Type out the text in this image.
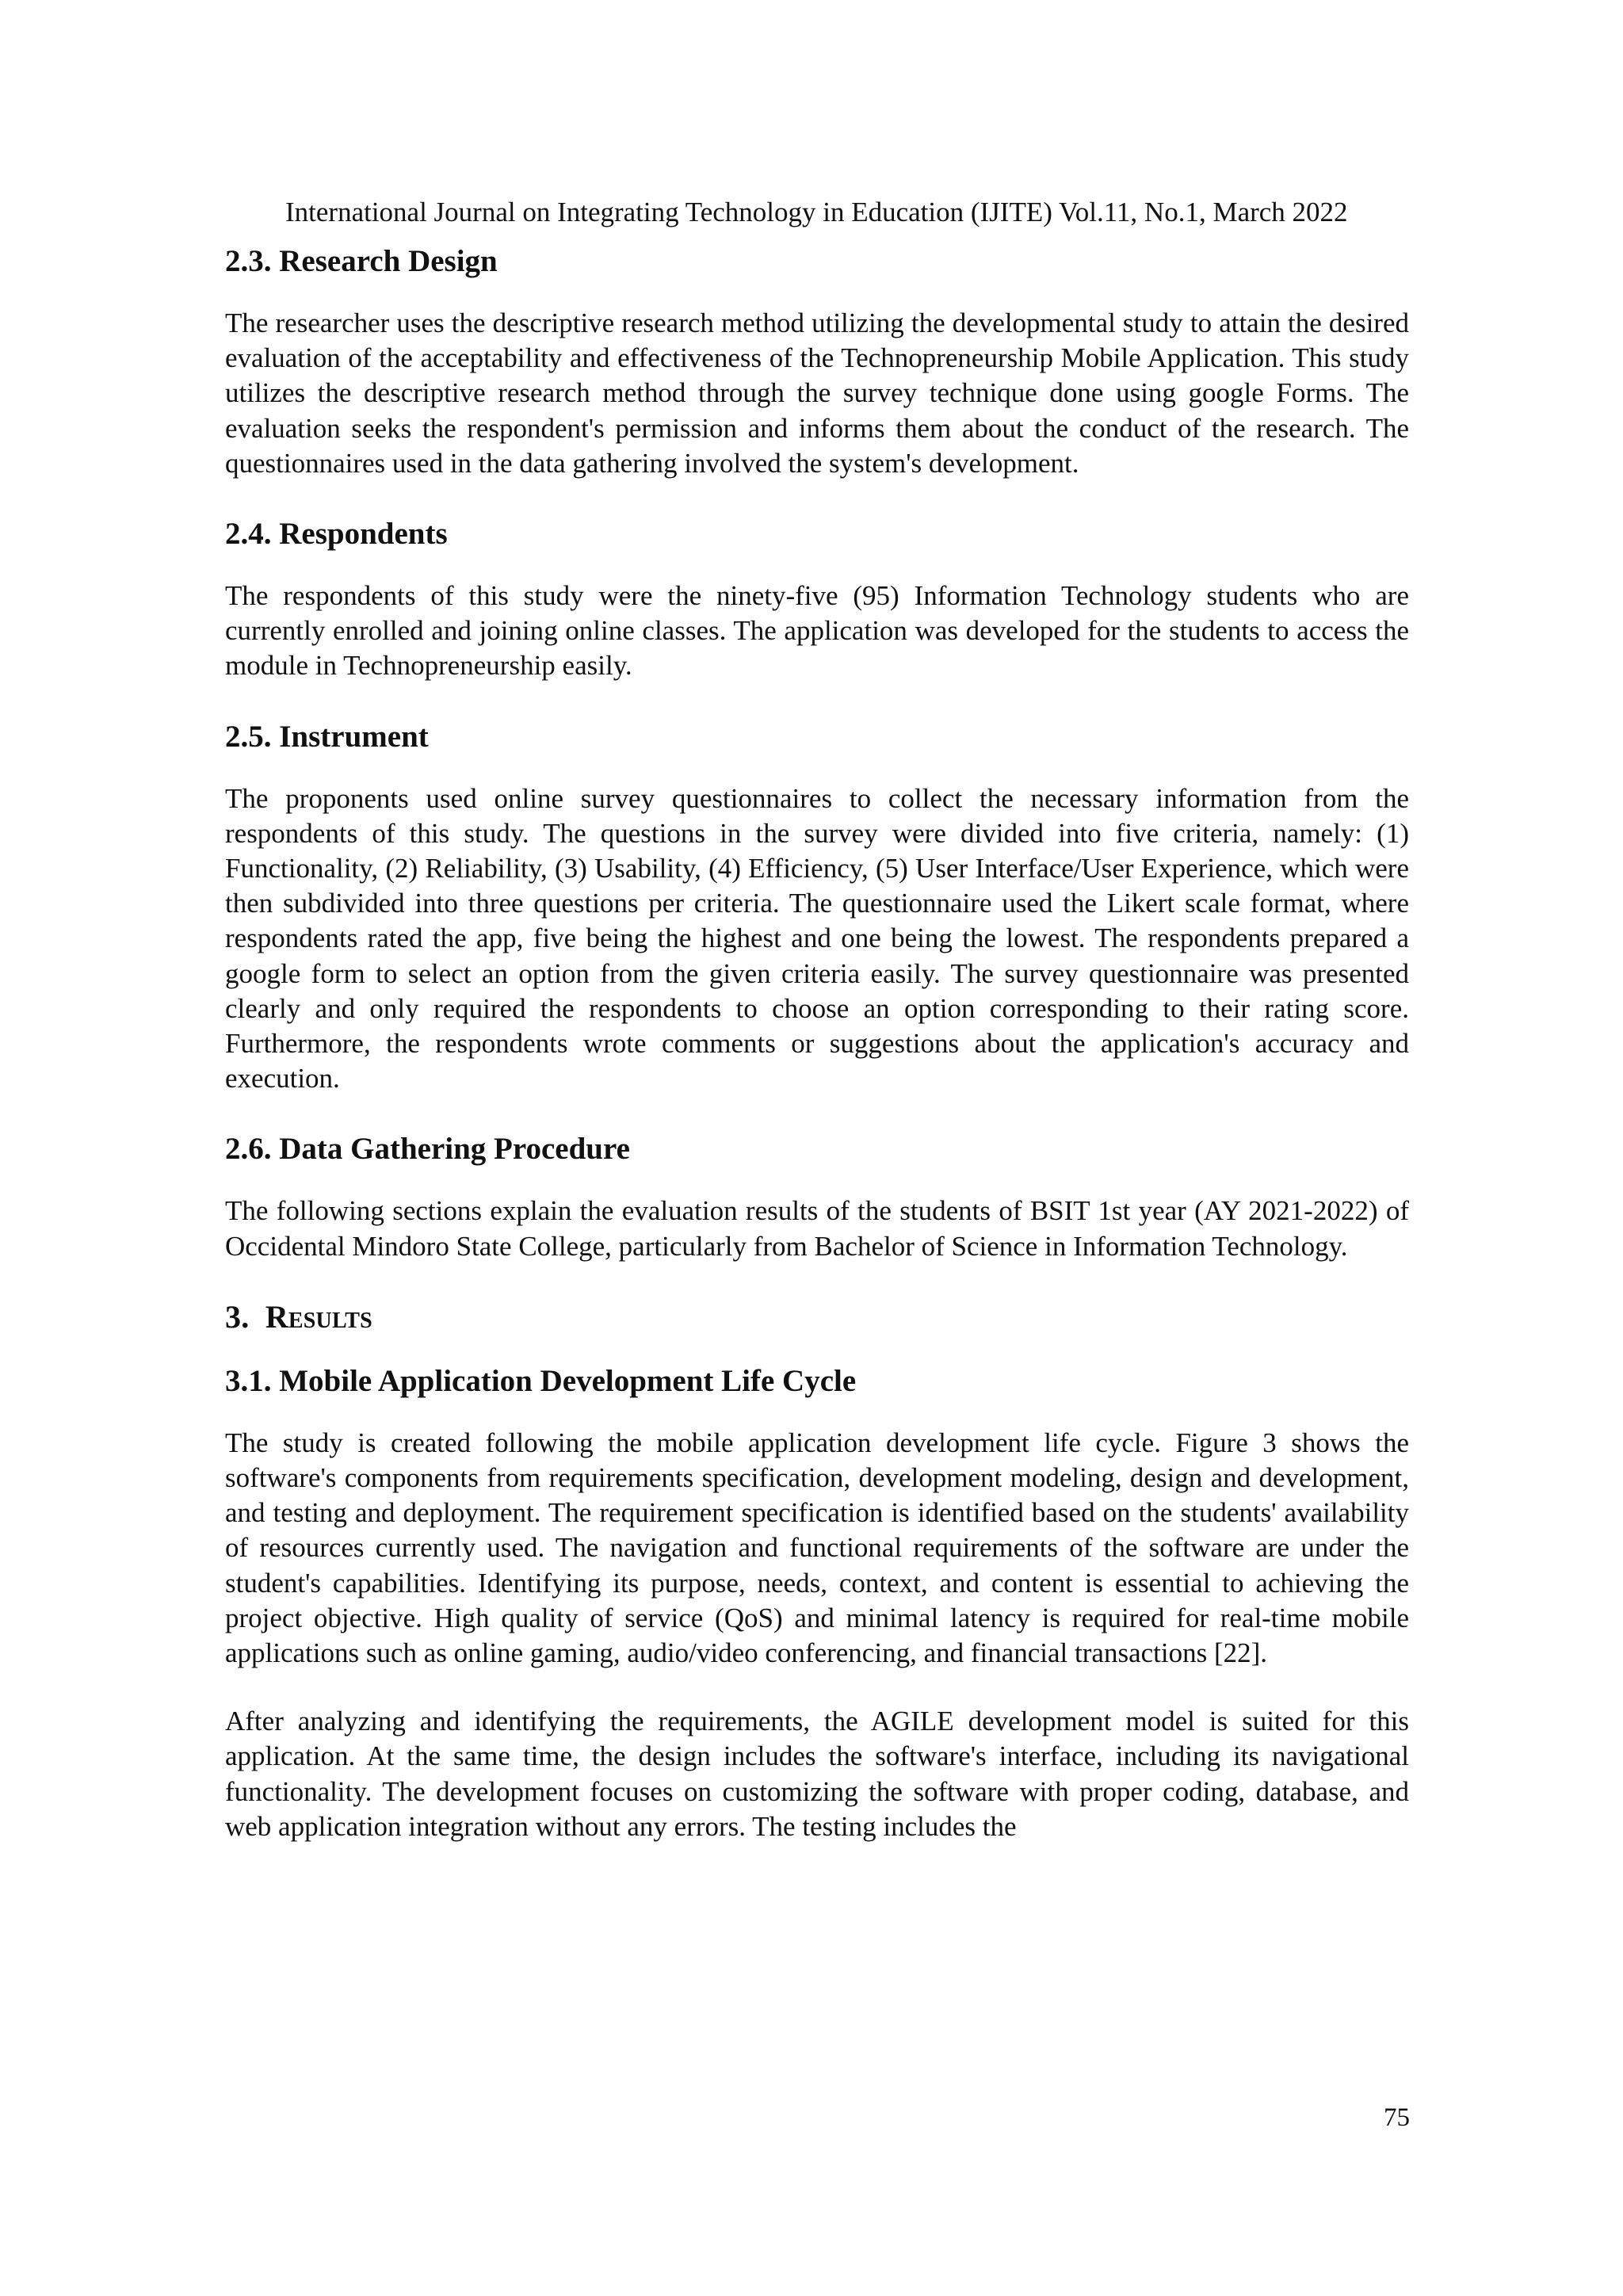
International Journal on Integrating Technology in Education (IJITE) Vol.11, No.1, March 2022
2.3. Research Design

The researcher uses the descriptive research method utilizing the developmental study to attain the desired evaluation of the acceptability and effectiveness of the Technopreneurship Mobile Application. This study utilizes the descriptive research method through the survey technique done using google Forms. The evaluation seeks the respondent's permission and informs them about the conduct of the research. The questionnaires used in the data gathering involved the system's development.

2.4. Respondents

The respondents of this study were the ninety-five (95) Information Technology students who are currently enrolled and joining online classes. The application was developed for the students to access the module in Technopreneurship easily.

2.5. Instrument

The proponents used online survey questionnaires to collect the necessary information from the respondents of this study. The questions in the survey were divided into five criteria, namely: (1) Functionality, (2) Reliability, (3) Usability, (4) Efficiency, (5) User Interface/User Experience, which were then subdivided into three questions per criteria. The questionnaire used the Likert scale format, where respondents rated the app, five being the highest and one being the lowest. The respondents prepared a google form to select an option from the given criteria easily. The survey questionnaire was presented clearly and only required the respondents to choose an option corresponding to their rating score. Furthermore, the respondents wrote comments or suggestions about the application's accuracy and execution.

2.6. Data Gathering Procedure

The following sections explain the evaluation results of the students of BSIT 1st year (AY 2021-2022) of Occidental Mindoro State College, particularly from Bachelor of Science in Information Technology.

3. Results
3.1. Mobile Application Development Life Cycle

The study is created following the mobile application development life cycle. Figure 3 shows the software's components from requirements specification, development modeling, design and development, and testing and deployment. The requirement specification is identified based on the students' availability of resources currently used. The navigation and functional requirements of the software are under the student's capabilities. Identifying its purpose, needs, context, and content is essential to achieving the project objective. High quality of service (QoS) and minimal latency is required for real-time mobile applications such as online gaming, audio/video conferencing, and financial transactions [22].

After analyzing and identifying the requirements, the AGILE development model is suited for this application. At the same time, the design includes the software's interface, including its navigational functionality. The development focuses on customizing the software with proper coding, database, and web application integration without any errors. The testing includes the

75
